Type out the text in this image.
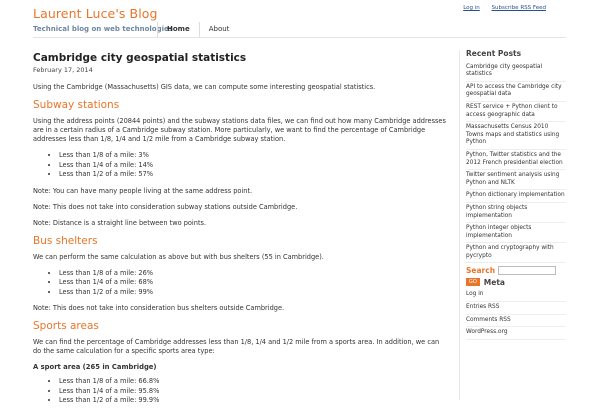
Laurent Luce's Blog
Technical blog on web technologies
Log in Subscribe RSS Feed
Home	About
Cambridge city geospatial statistics
February 17, 2014

Using the Cambridge (Massachusetts) GIS data, we can compute some interesting geospatial statistics.

Subway stations

Using the address points (20844 points) and the subway stations data files, we can find out how many Cambridge addresses are in a certain radius of a Cambridge subway station. More particularly, we want to find the percentage of Cambridge addresses less than 1/8, 1/4 and 1/2 mile from a Cambridge subway station.

• Less than 1/8 of a mile: 3%
• Less than 1/4 of a mile: 14%
• Less than 1/2 of a mile: 57%

Note: You can have many people living at the same address point.

Note: This does not take into consideration subway stations outside Cambridge.

Note: Distance is a straight line between two points.

Bus shelters

We can perform the same calculation as above but with bus shelters (55 in Cambridge).

• Less than 1/8 of a mile: 26%
• Less than 1/4 of a mile: 68%
• Less than 1/2 of a mile: 99%

Note: This does not take into consideration bus shelters outside Cambridge.

Sports areas

We can find the percentage of Cambridge addresses less than 1/8, 1/4 and 1/2 mile from a sports area. In addition, we can do the same calculation for a specific sports area type:

A sport area (265 in Cambridge)
• Less than 1/8 of a mile: 66.8%
• Less than 1/4 of a mile: 95.8%
• Less than 1/2 of a mile: 99.9%
Recent Posts
Cambridge city geospatial statistics
API to access the Cambridge city geospatial data
REST service + Python client to access geographic data
Massachusetts Census 2010 Towns maps and statistics using Python
Python, Twitter statistics and the 2012 French presidential election
Twitter sentiment analysis using Python and NLTK
Python dictionary implementation
Python string objects implementation
Python integer objects implementation
Python and cryptography with pycrypto
Search
GO Meta
Log in
Entries RSS
Comments RSS
WordPress.org
